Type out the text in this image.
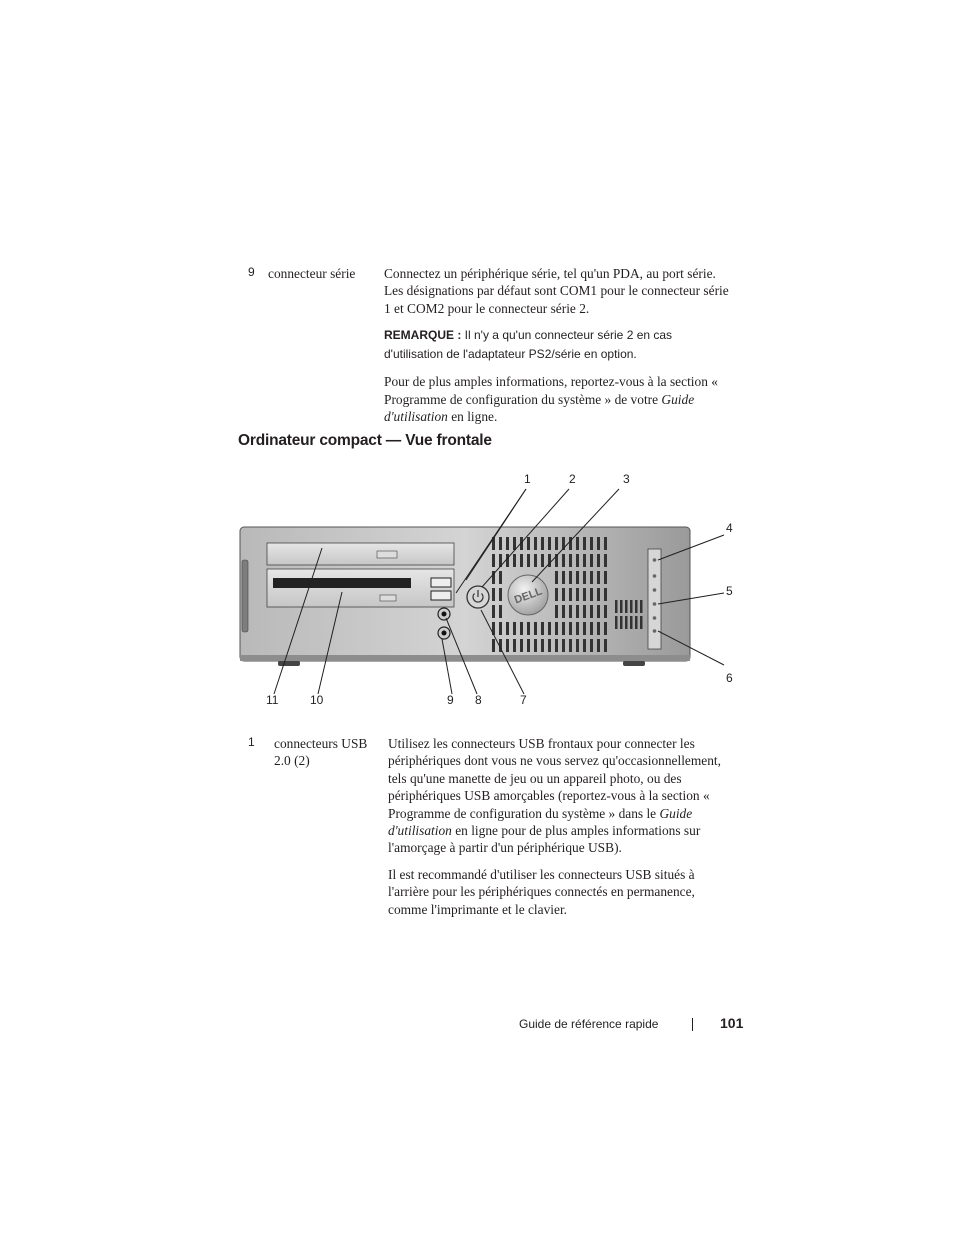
9 connecteur série	Connectez un périphérique série, tel qu'un PDA, au port série. Les désignations par défaut sont COM1 pour le connecteur série 1 et COM2 pour le connecteur série 2.

REMARQUE : Il n'y a qu'un connecteur série 2 en cas d'utilisation de l'adaptateur PS2/série en option.

Pour de plus amples informations, reportez-vous à la section « Programme de configuration du système » de votre Guide d'utilisation en ligne.

Ordinateur compact — Vue frontale
DELL
1	2	3
4
5
6
7
8
9
10
11
1 connecteurs USB 2.0 (2)

Utilisez les connecteurs USB frontaux pour connecter les périphériques dont vous ne vous servez qu'occasionnellement, tels qu'une manette de jeu ou un appareil photo, ou des périphériques USB amorçables (reportez-vous à la section « Programme de configuration du système » dans le Guide d'utilisation en ligne pour de plus amples informations sur l'amorçage à partir d'un périphérique USB).

Il est recommandé d'utiliser les connecteurs USB situés à l'arrière pour les périphériques connectés en permanence, comme l'imprimante et le clavier.

Guide de référence rapide	101
